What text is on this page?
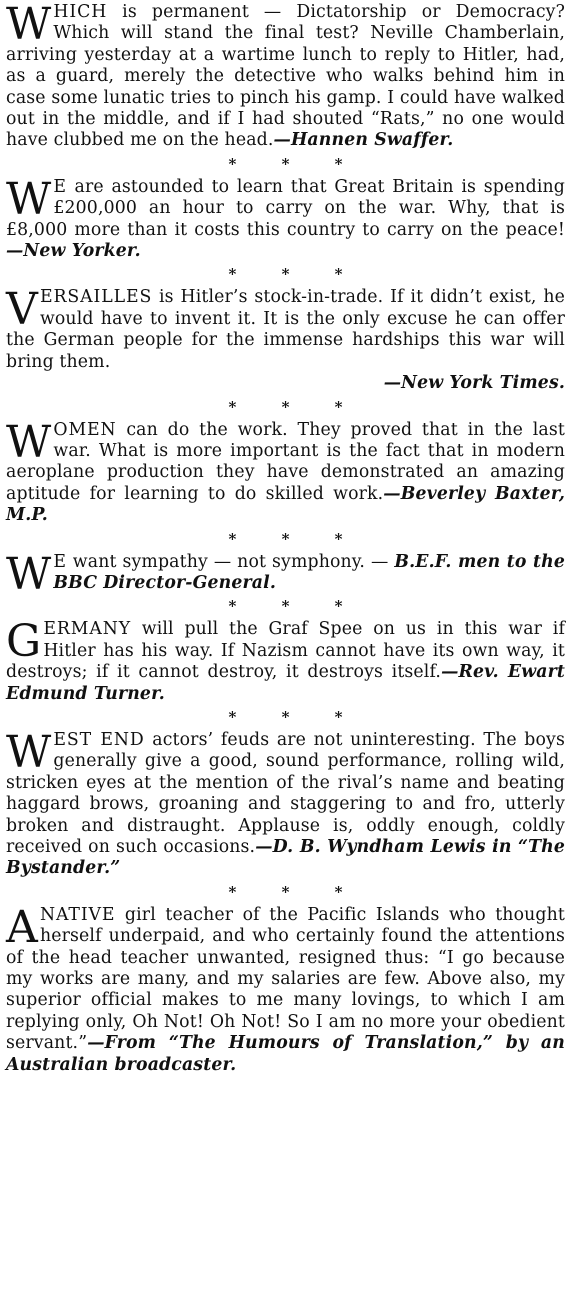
WHICH is permanent — Dictatorship or Democracy? Which will stand the final test? Neville Chamberlain, arriving yesterday at a wartime lunch to reply to Hitler, had, as a guard, merely the detective who walks behind him in case some lunatic tries to pinch his gamp. I could have walked out in the middle, and if I had shouted “Rats,” no one would have clubbed me on the head.—Hannen Swaffer.

* * *

W E are astounded to learn that Great Britain is spending £200,000 an hour to carry on the war. Why, that is £8,000 more than it costs this country to carry on the peace!—New Yorker.

* * *

VERSAILLES is Hitler’s stock-in-trade. If it didn’t exist, he would have to invent it. It is the only excuse he can offer the German people for the immense hardships this war will bring them.
—New York Times.

* * *

WOMEN can do the work. They proved that in the last war. What is more important is the fact that in modern aeroplane production they have demonstrated an amazing aptitude for learning to do skilled work.—Beverley Baxter, M.P.

* * *

W E want sympathy — not symphony. — B.E.F. men to the BBC Director-General.

* * *

GERMANY will pull the Graf Spee on us in this war if Hitler has his way. If Nazism cannot have its own way, it destroys; if it cannot destroy, it destroys itself.—Rev. Ewart Edmund Turner.

* * *

WEST END actors’ feuds are not uninteresting. The boys generally give a good, sound performance, rolling wild, stricken eyes at the mention of the rival’s name and beating haggard brows, groaning and staggering to and fro, utterly broken and distraught. Applause is, oddly enough, coldly received on such occasions.—D. B. Wyndham Lewis in “The Bystander.”

* * *

A NATIVE girl teacher of the Pacific Islands who thought herself underpaid, and who certainly found the attentions of the head teacher unwanted, resigned thus: “I go because my works are many, and my salaries are few. Above also, my superior official makes to me many lovings, to which I am replying only, Oh Not! Oh Not! So I am no more your obedient servant.”—From “The Humours of Translation,” by an Australian broadcaster.
